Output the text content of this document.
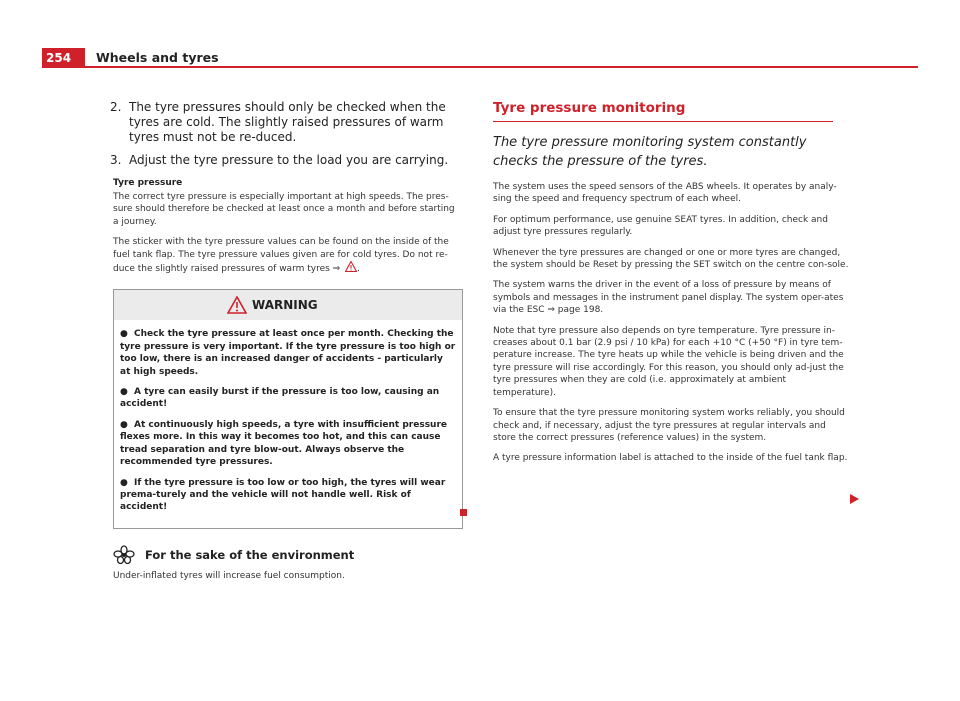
254	Wheels and tyres
2. The tyre pressures should only be checked when the tyres are cold. The slightly raised pressures of warm tyres must not be re-duced.
3. Adjust the tyre pressure to the load you are carrying.
Tyre pressure
The correct tyre pressure is especially important at high speeds. The pres-sure should therefore be checked at least once a month and before starting a journey.
The sticker with the tyre pressure values can be found on the inside of the fuel tank flap. The tyre pressure values given are for cold tyres. Do not re-duce the slightly raised pressures of warm tyres ⇒ .
WARNING
● Check the tyre pressure at least once per month. Checking the tyre pressure is very important. If the tyre pressure is too high or too low, there is an increased danger of accidents - particularly at high speeds.
● A tyre can easily burst if the pressure is too low, causing an accident!
● At continuously high speeds, a tyre with insufficient pressure flexes more. In this way it becomes too hot, and this can cause tread separation and tyre blow-out. Always observe the recommended tyre pressures.
● If the tyre pressure is too low or too high, the tyres will wear prema-turely and the vehicle will not handle well. Risk of accident!
For the sake of the environment
Under-inflated tyres will increase fuel consumption.
Tyre pressure monitoring
The tyre pressure monitoring system constantly checks the pressure of the tyres.
The system uses the speed sensors of the ABS wheels. It operates by analy-sing the speed and frequency spectrum of each wheel.
For optimum performance, use genuine SEAT tyres. In addition, check and adjust tyre pressures regularly.
Whenever the tyre pressures are changed or one or more tyres are changed, the system should be Reset by pressing the SET switch on the centre con-sole.
The system warns the driver in the event of a loss of pressure by means of symbols and messages in the instrument panel display. The system oper-ates via the ESC ⇒ page 198.
Note that tyre pressure also depends on tyre temperature. Tyre pressure in-creases about 0.1 bar (2.9 psi / 10 kPa) for each +10 °C (+50 °F) in tyre tem-perature increase. The tyre heats up while the vehicle is being driven and the tyre pressure will rise accordingly. For this reason, you should only ad-just the tyre pressures when they are cold (i.e. approximately at ambient temperature).
To ensure that the tyre pressure monitoring system works reliably, you should check and, if necessary, adjust the tyre pressures at regular intervals and store the correct pressures (reference values) in the system.
A tyre pressure information label is attached to the inside of the fuel tank flap.
